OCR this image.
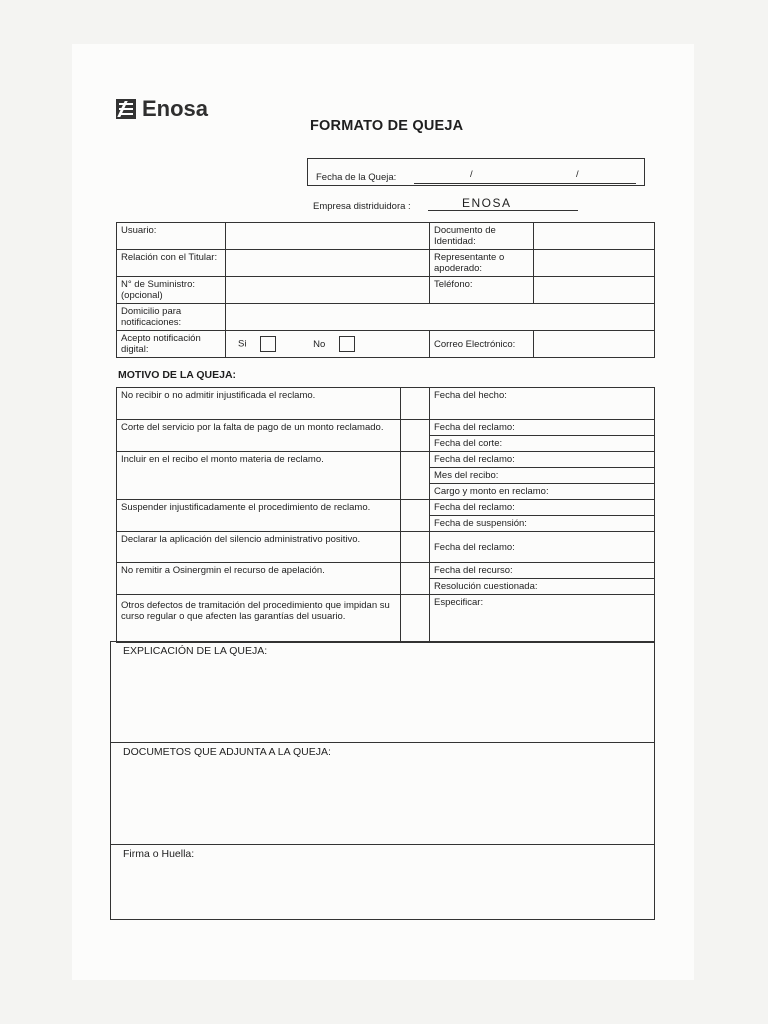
Enosa
FORMATO DE QUEJA
Fecha de la Queja:	/	/
Empresa distriduidora :	ENOSA
Usuario:		Documento de Identidad:	
Relación con el Titular:		Representante o apoderado:	
N° de Suministro: (opcional)		Teléfono:	
Domicilio para notificaciones:			
Acepto notificación digital:	Si No	Correo Electrónico:	
MOTIVO DE LA QUEJA:
No recibir o no admitir injustificada el reclamo.		Fecha del hecho:
Corte del servicio por la falta de pago de un monto reclamado.		Fecha del reclamo:
		Fecha del corte:
Incluir en el recibo el monto materia de reclamo.		Fecha del reclamo:
		Mes del recibo:
		Cargo y monto en reclamo:
Suspender injustificadamente el procedimiento de reclamo.		Fecha del reclamo:
		Fecha de suspensión:
Declarar la aplicación del silencio administrativo positivo.		Fecha del reclamo:
No remitir a Osinergmin el recurso de apelación.		Fecha del recurso:
		Resolución cuestionada:
Otros defectos de tramitación del procedimiento que impidan su curso regular o que afecten las garantías del usuario.		Especificar:
EXPLICACIÓN DE LA QUEJA:
DOCUMETOS QUE ADJUNTA A LA QUEJA:
Firma o Huella:
